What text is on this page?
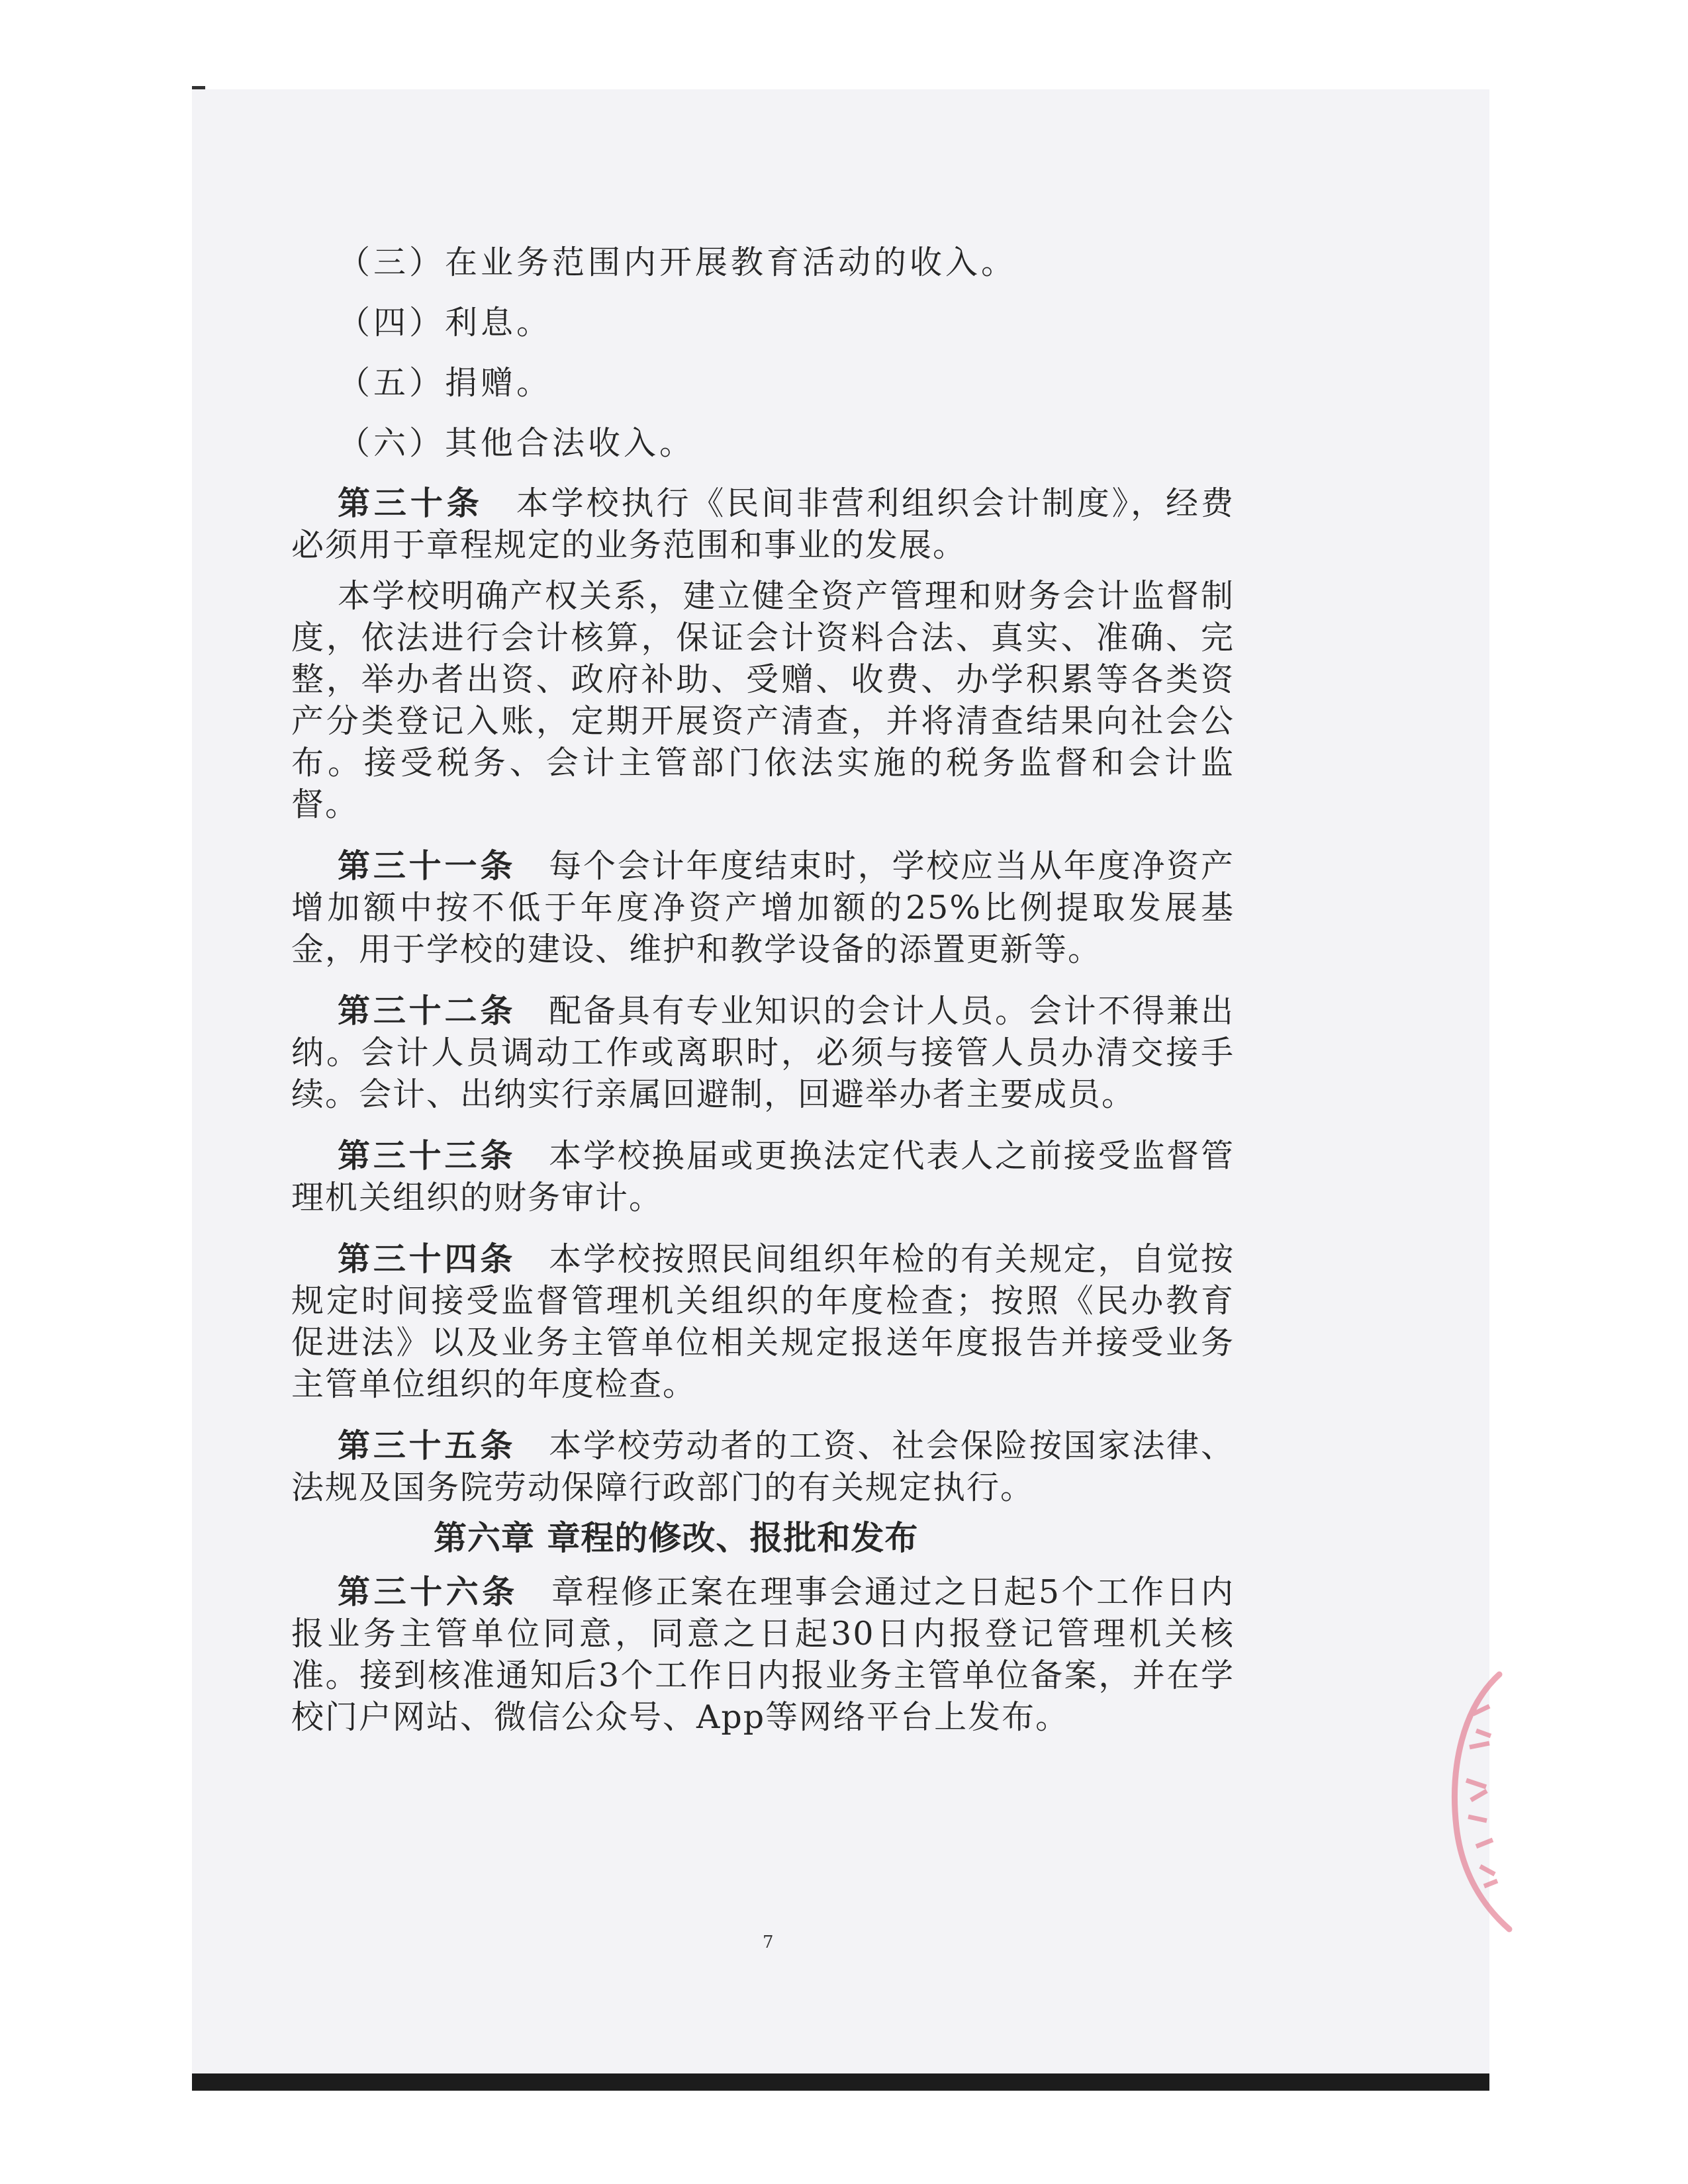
（三）在业务范围内开展教育活动的收入。
（四）利息。
（五）捐赠。
（六）其他合法收入。

第三十条 本学校执行《民间非营利组织会计制度》，经费必须用于章程规定的业务范围和事业的发展。

本学校明确产权关系，建立健全资产管理和财务会计监督制度，依法进行会计核算，保证会计资料合法、真实、准确、完整，举办者出资、政府补助、受赠、收费、办学积累等各类资产分类登记入账，定期开展资产清查，并将清查结果向社会公布。接受税务、会计主管部门依法实施的税务监督和会计监督。

第三十一条 每个会计年度结束时，学校应当从年度净资产增加额中按不低于年度净资产增加额的25%比例提取发展基金，用于学校的建设、维护和教学设备的添置更新等。

第三十二条 配备具有专业知识的会计人员。会计不得兼出纳。会计人员调动工作或离职时，必须与接管人员办清交接手续。会计、出纳实行亲属回避制，回避举办者主要成员。

第三十三条 本学校换届或更换法定代表人之前接受监督管理机关组织的财务审计。

第三十四条 本学校按照民间组织年检的有关规定，自觉按规定时间接受监督管理机关组织的年度检查；按照《民办教育促进法》以及业务主管单位相关规定报送年度报告并接受业务主管单位组织的年度检查。

第三十五条 本学校劳动者的工资、社会保险按国家法律、法规及国务院劳动保障行政部门的有关规定执行。

第六章 章程的修改、报批和发布

第三十六条 章程修正案在理事会通过之日起5个工作日内报业务主管单位同意，同意之日起30日内报登记管理机关核准。接到核准通知后3个工作日内报业务主管单位备案，并在学校门户网站、微信公众号、App等网络平台上发布。

7
